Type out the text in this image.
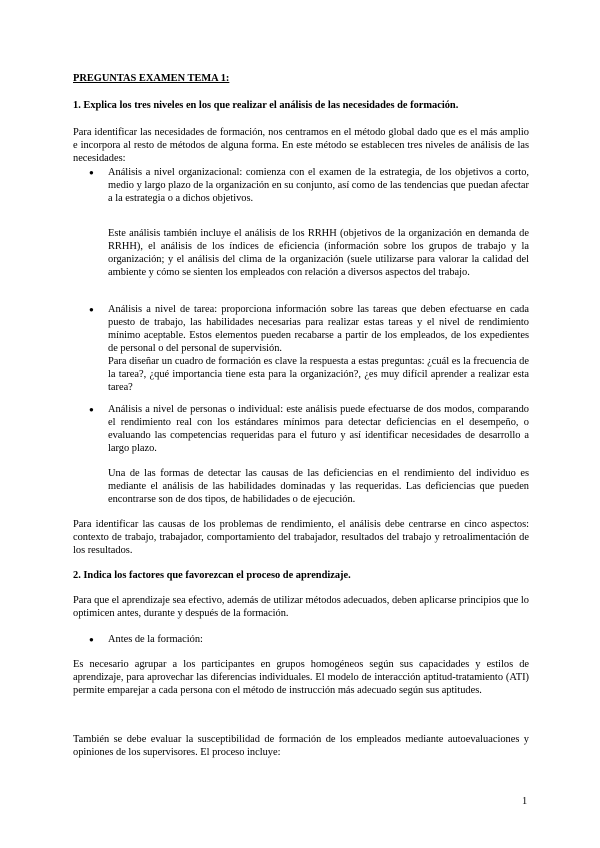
PREGUNTAS EXAMEN TEMA 1:

1. Explica los tres niveles en los que realizar el análisis de las necesidades de formación.

Para identificar las necesidades de formación, nos centramos en el método global dado que es el más amplio e incorpora al resto de métodos de alguna forma. En este método se establecen tres niveles de análisis de las necesidades:

● Análisis a nivel organizacional: comienza con el examen de la estrategia, de los objetivos a corto, medio y largo plazo de la organización en su conjunto, así como de las tendencias que puedan afectar a la estrategia o a dichos objetivos.

Este análisis también incluye el análisis de los RRHH (objetivos de la organización en demanda de RRHH), el análisis de los índices de eficiencia (información sobre los grupos de trabajo y la organización; y el análisis del clima de la organización (suele utilizarse para valorar la calidad del ambiente y cómo se sienten los empleados con relación a diversos aspectos del trabajo.

● Análisis a nivel de tarea: proporciona información sobre las tareas que deben efectuarse en cada puesto de trabajo, las habilidades necesarias para realizar estas tareas y el nivel de rendimiento mínimo aceptable. Estos elementos pueden recabarse a partir de los empleados, de los expedientes de personal o del personal de supervisión.

Para diseñar un cuadro de formación es clave la respuesta a estas preguntas: ¿cuál es la frecuencia de la tarea?, ¿qué importancia tiene esta para la organización?, ¿es muy difícil aprender a realizar esta tarea?

● Análisis a nivel de personas o individual: este análisis puede efectuarse de dos modos, comparando el rendimiento real con los estándares mínimos para detectar deficiencias en el desempeño, o evaluando las competencias requeridas para el futuro y así identificar necesidades de desarrollo a largo plazo.

Una de las formas de detectar las causas de las deficiencias en el rendimiento del individuo es mediante el análisis de las habilidades dominadas y las requeridas. Las deficiencias que pueden encontrarse son de dos tipos, de habilidades o de ejecución.

Para identificar las causas de los problemas de rendimiento, el análisis debe centrarse en cinco aspectos: contexto de trabajo, trabajador, comportamiento del trabajador, resultados del trabajo y retroalimentación de los resultados.

2. Indica los factores que favorezcan el proceso de aprendizaje.

Para que el aprendizaje sea efectivo, además de utilizar métodos adecuados, deben aplicarse principios que lo optimicen antes, durante y después de la formación.

● Antes de la formación:

Es necesario agrupar a los participantes en grupos homogéneos según sus capacidades y estilos de aprendizaje, para aprovechar las diferencias individuales. El modelo de interacción aptitud-tratamiento (ATI) permite emparejar a cada persona con el método de instrucción más adecuado según sus aptitudes.

También se debe evaluar la susceptibilidad de formación de los empleados mediante autoevaluaciones y opiniones de los supervisores. El proceso incluye:

1
